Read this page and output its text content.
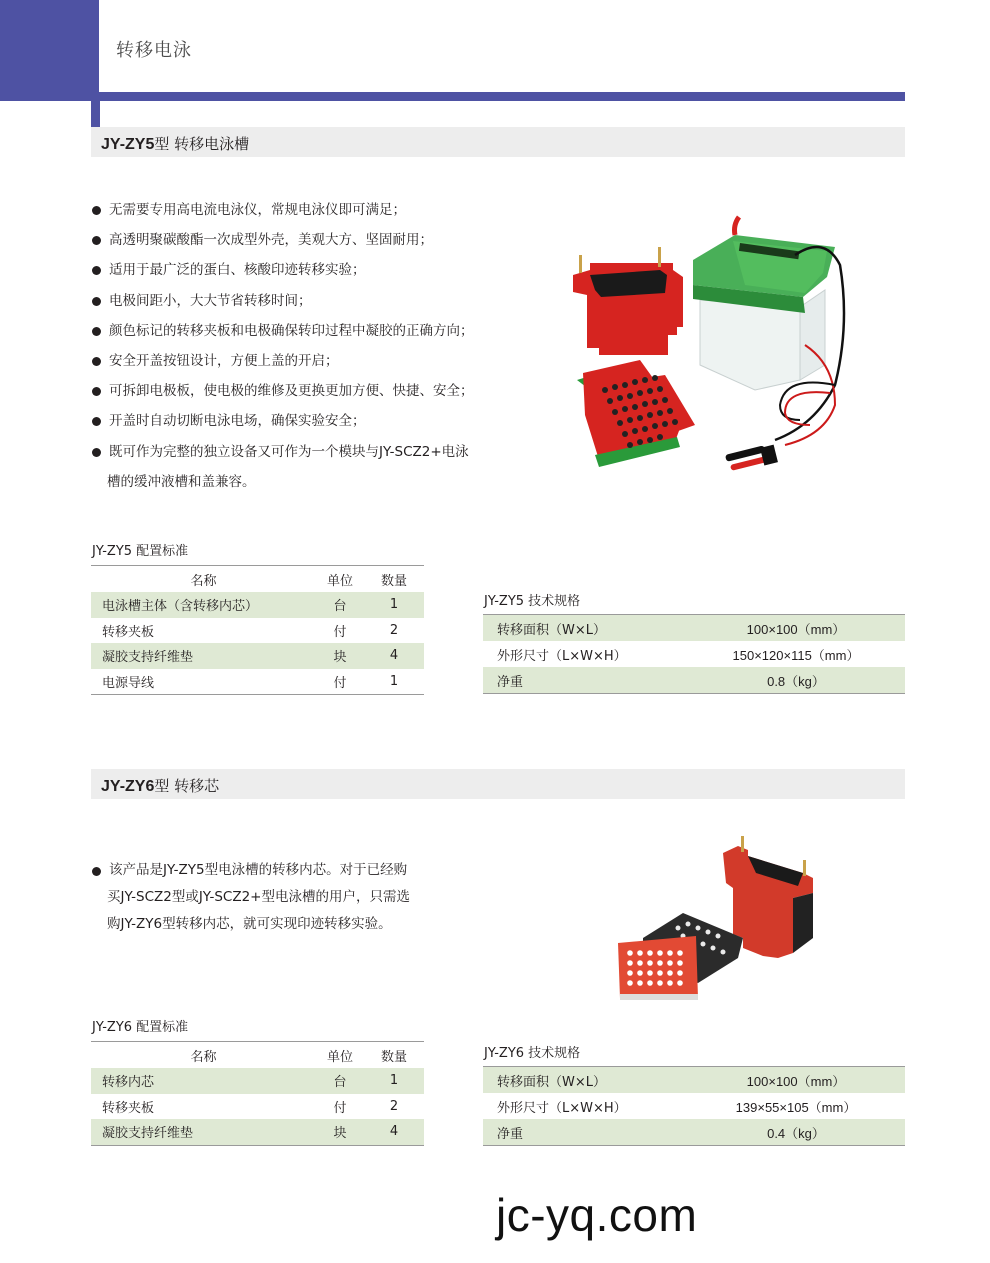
转移电泳
JY-ZY5型 转移电泳槽
无需要专用高电流电泳仪，常规电泳仪即可满足；
高透明聚碳酸酯一次成型外壳，美观大方、坚固耐用；
适用于最广泛的蛋白、核酸印迹转移实验；
电极间距小，大大节省转移时间；
颜色标记的转移夹板和电极确保转印过程中凝胶的正确方向；
安全开盖按钮设计，方便上盖的开启；
可拆卸电极板，使电极的维修及更换更加方便、快捷、安全；
开盖时自动切断电泳电场，确保实验安全；
既可作为完整的独立设备又可作为一个模块与JY-SCZ2+电泳
槽的缓冲液槽和盖兼容。
JY-ZY5 配置标准
名称	单位	数量
电泳槽主体（含转移内芯）	台	1
转移夹板	付	2
凝胶支持纤维垫	块	4
电源导线	付	1
JY-ZY5 技术规格
转移面积（W×L）	100×100（mm）
外形尺寸（L×W×H）	150×120×115（mm）
净重	0.8（kg）
JY-ZY6型 转移芯
该产品是JY-ZY5型电泳槽的转移内芯。对于已经购
买JY-SCZ2型或JY-SCZ2+型电泳槽的用户，只需选
购JY-ZY6型转移内芯，就可实现印迹转移实验。
JY-ZY6 配置标准
名称	单位	数量
转移内芯	台	1
转移夹板	付	2
凝胶支持纤维垫	块	4
JY-ZY6 技术规格
转移面积（W×L）	100×100（mm）
外形尺寸（L×W×H）	139×55×105（mm）
净重	0.4（kg）
jc-yq.com
